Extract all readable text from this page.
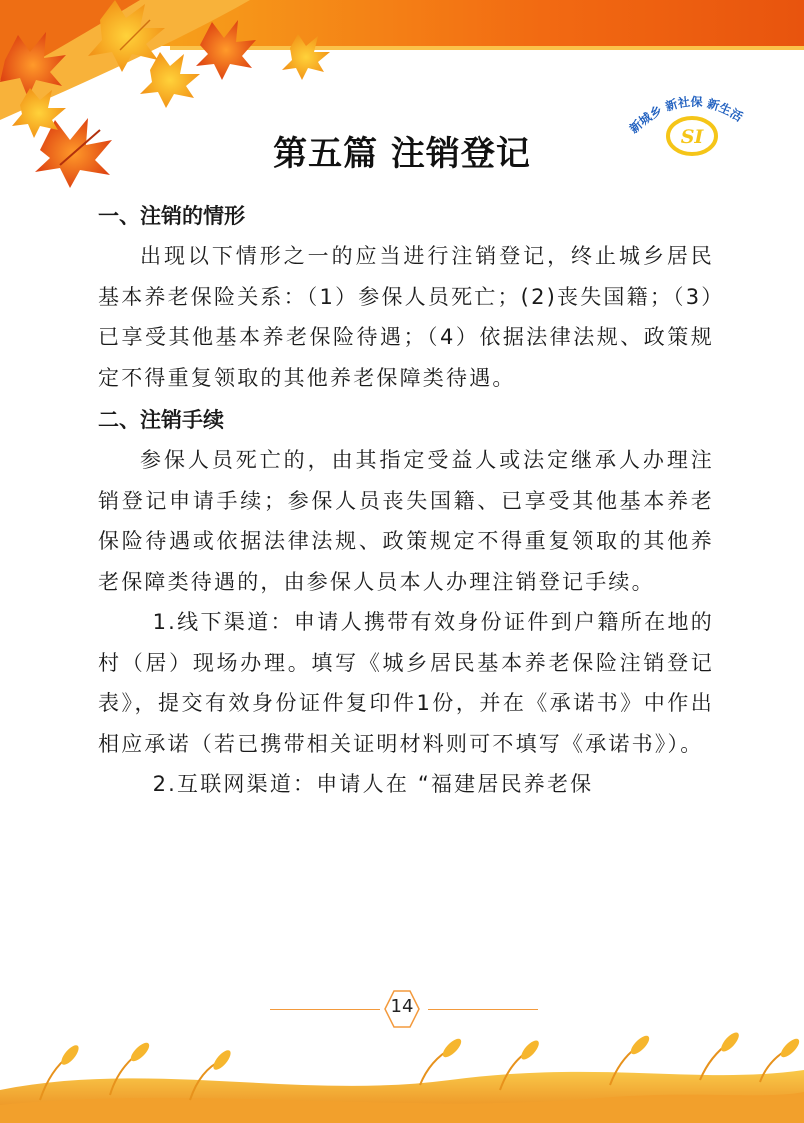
新城乡 新社保 新生活
SI
第五篇 注销登记

一、注销的情形

出现以下情形之一的应当进行注销登记，终止城乡居民基本养老保险关系：（1）参保人员死亡；(2)丧失国籍；（3）已享受其他基本养老保险待遇；（4）依据法律法规、政策规定不得重复领取的其他养老保障类待遇。

二、注销手续

参保人员死亡的，由其指定受益人或法定继承人办理注销登记申请手续；参保人员丧失国籍、已享受其他基本养老保险待遇或依据法律法规、政策规定不得重复领取的其他养老保障类待遇的，由参保人员本人办理注销登记手续。

1.线下渠道：申请人携带有效身份证件到户籍所在地的村（居）现场办理。填写《城乡居民基本养老保险注销登记表》，提交有效身份证件复印件1份，并在《承诺书》中作出相应承诺（若已携带相关证明材料则可不填写《承诺书》）。

2.互联网渠道：申请人在 “福建居民养老保

14
